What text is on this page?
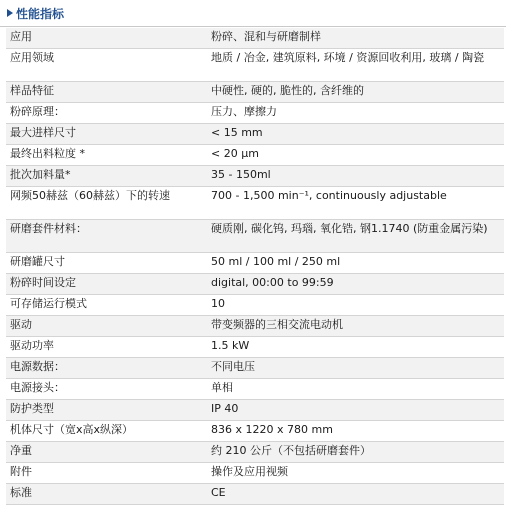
性能指标
应用	粉碎、混和与研磨制样
应用领域	地质 / 冶金, 建筑原料, 环境 / 资源回收利用, 玻璃 / 陶瓷
样品特征	中硬性, 硬的, 脆性的, 含纤维的
粉碎原理：	压力、摩擦力
最大进样尺寸	< 15 mm
最终出料粒度 *	< 20 µm
批次加料量*	35 - 150ml
网频50赫兹（60赫兹）下的转速	700 - 1,500 min⁻¹, continuously adjustable
研磨套件材料：	硬质刚, 碳化钨, 玛瑙, 氧化锆, 钢1.1740 (防重金属污染)
研磨罐尺寸	50 ml / 100 ml / 250 ml
粉碎时间设定	digital, 00:00 to 99:59
可存储运行模式	10
驱动	带变频器的三相交流电动机
驱动功率	1.5 kW
电源数据：	不同电压
电源接头：	单相
防护类型	IP 40
机体尺寸（宽x高x纵深）	836 x 1220 x 780 mm
净重	约 210 公斤（不包括研磨套件）
附件	操作及应用视频
标准	CE
